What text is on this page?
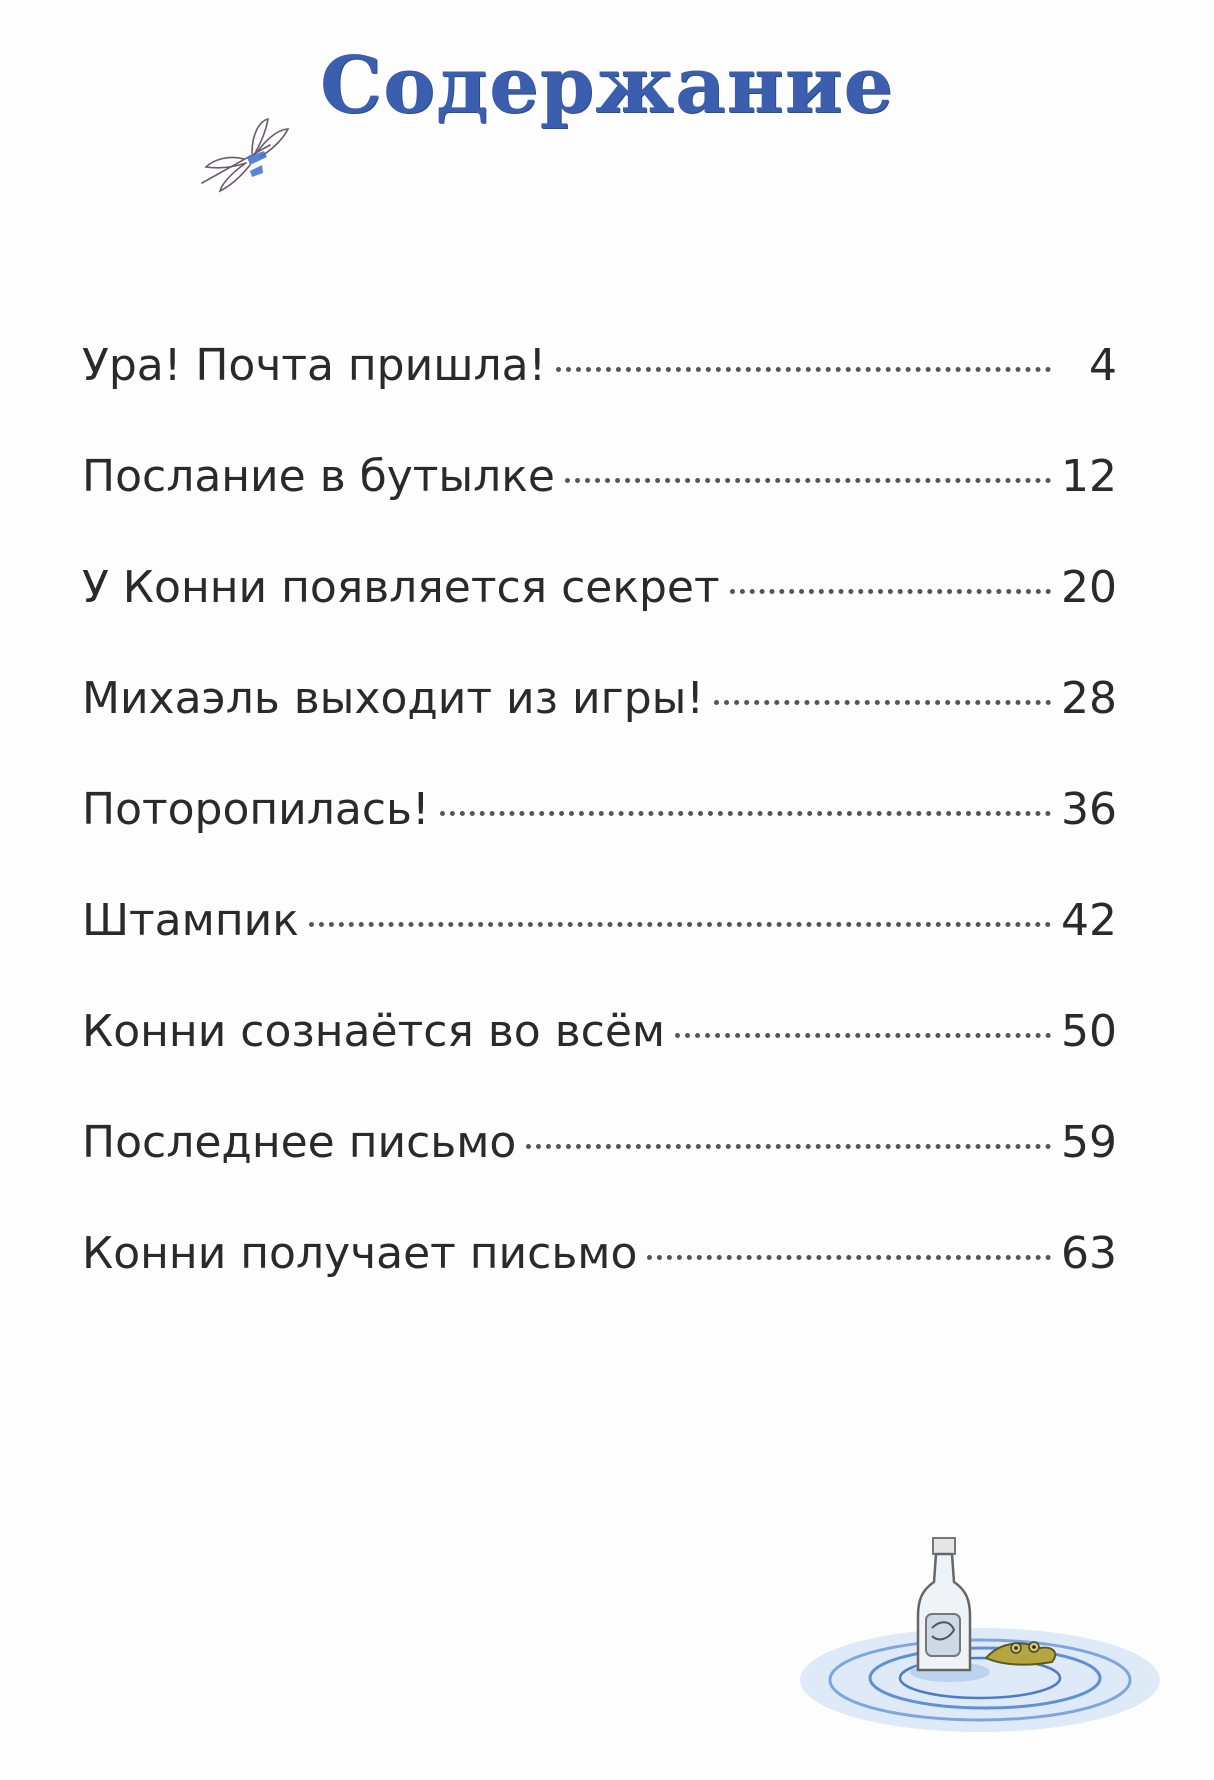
Содержание
Ура! Почта пришла!	4
Послание в бутылке	12
У Конни появляется секрет	20
Михаэль выходит из игры!	28
Поторопилась!	36
Штампик	42
Конни сознаётся во всём	50
Последнее письмо	59
Конни получает письмо	63
